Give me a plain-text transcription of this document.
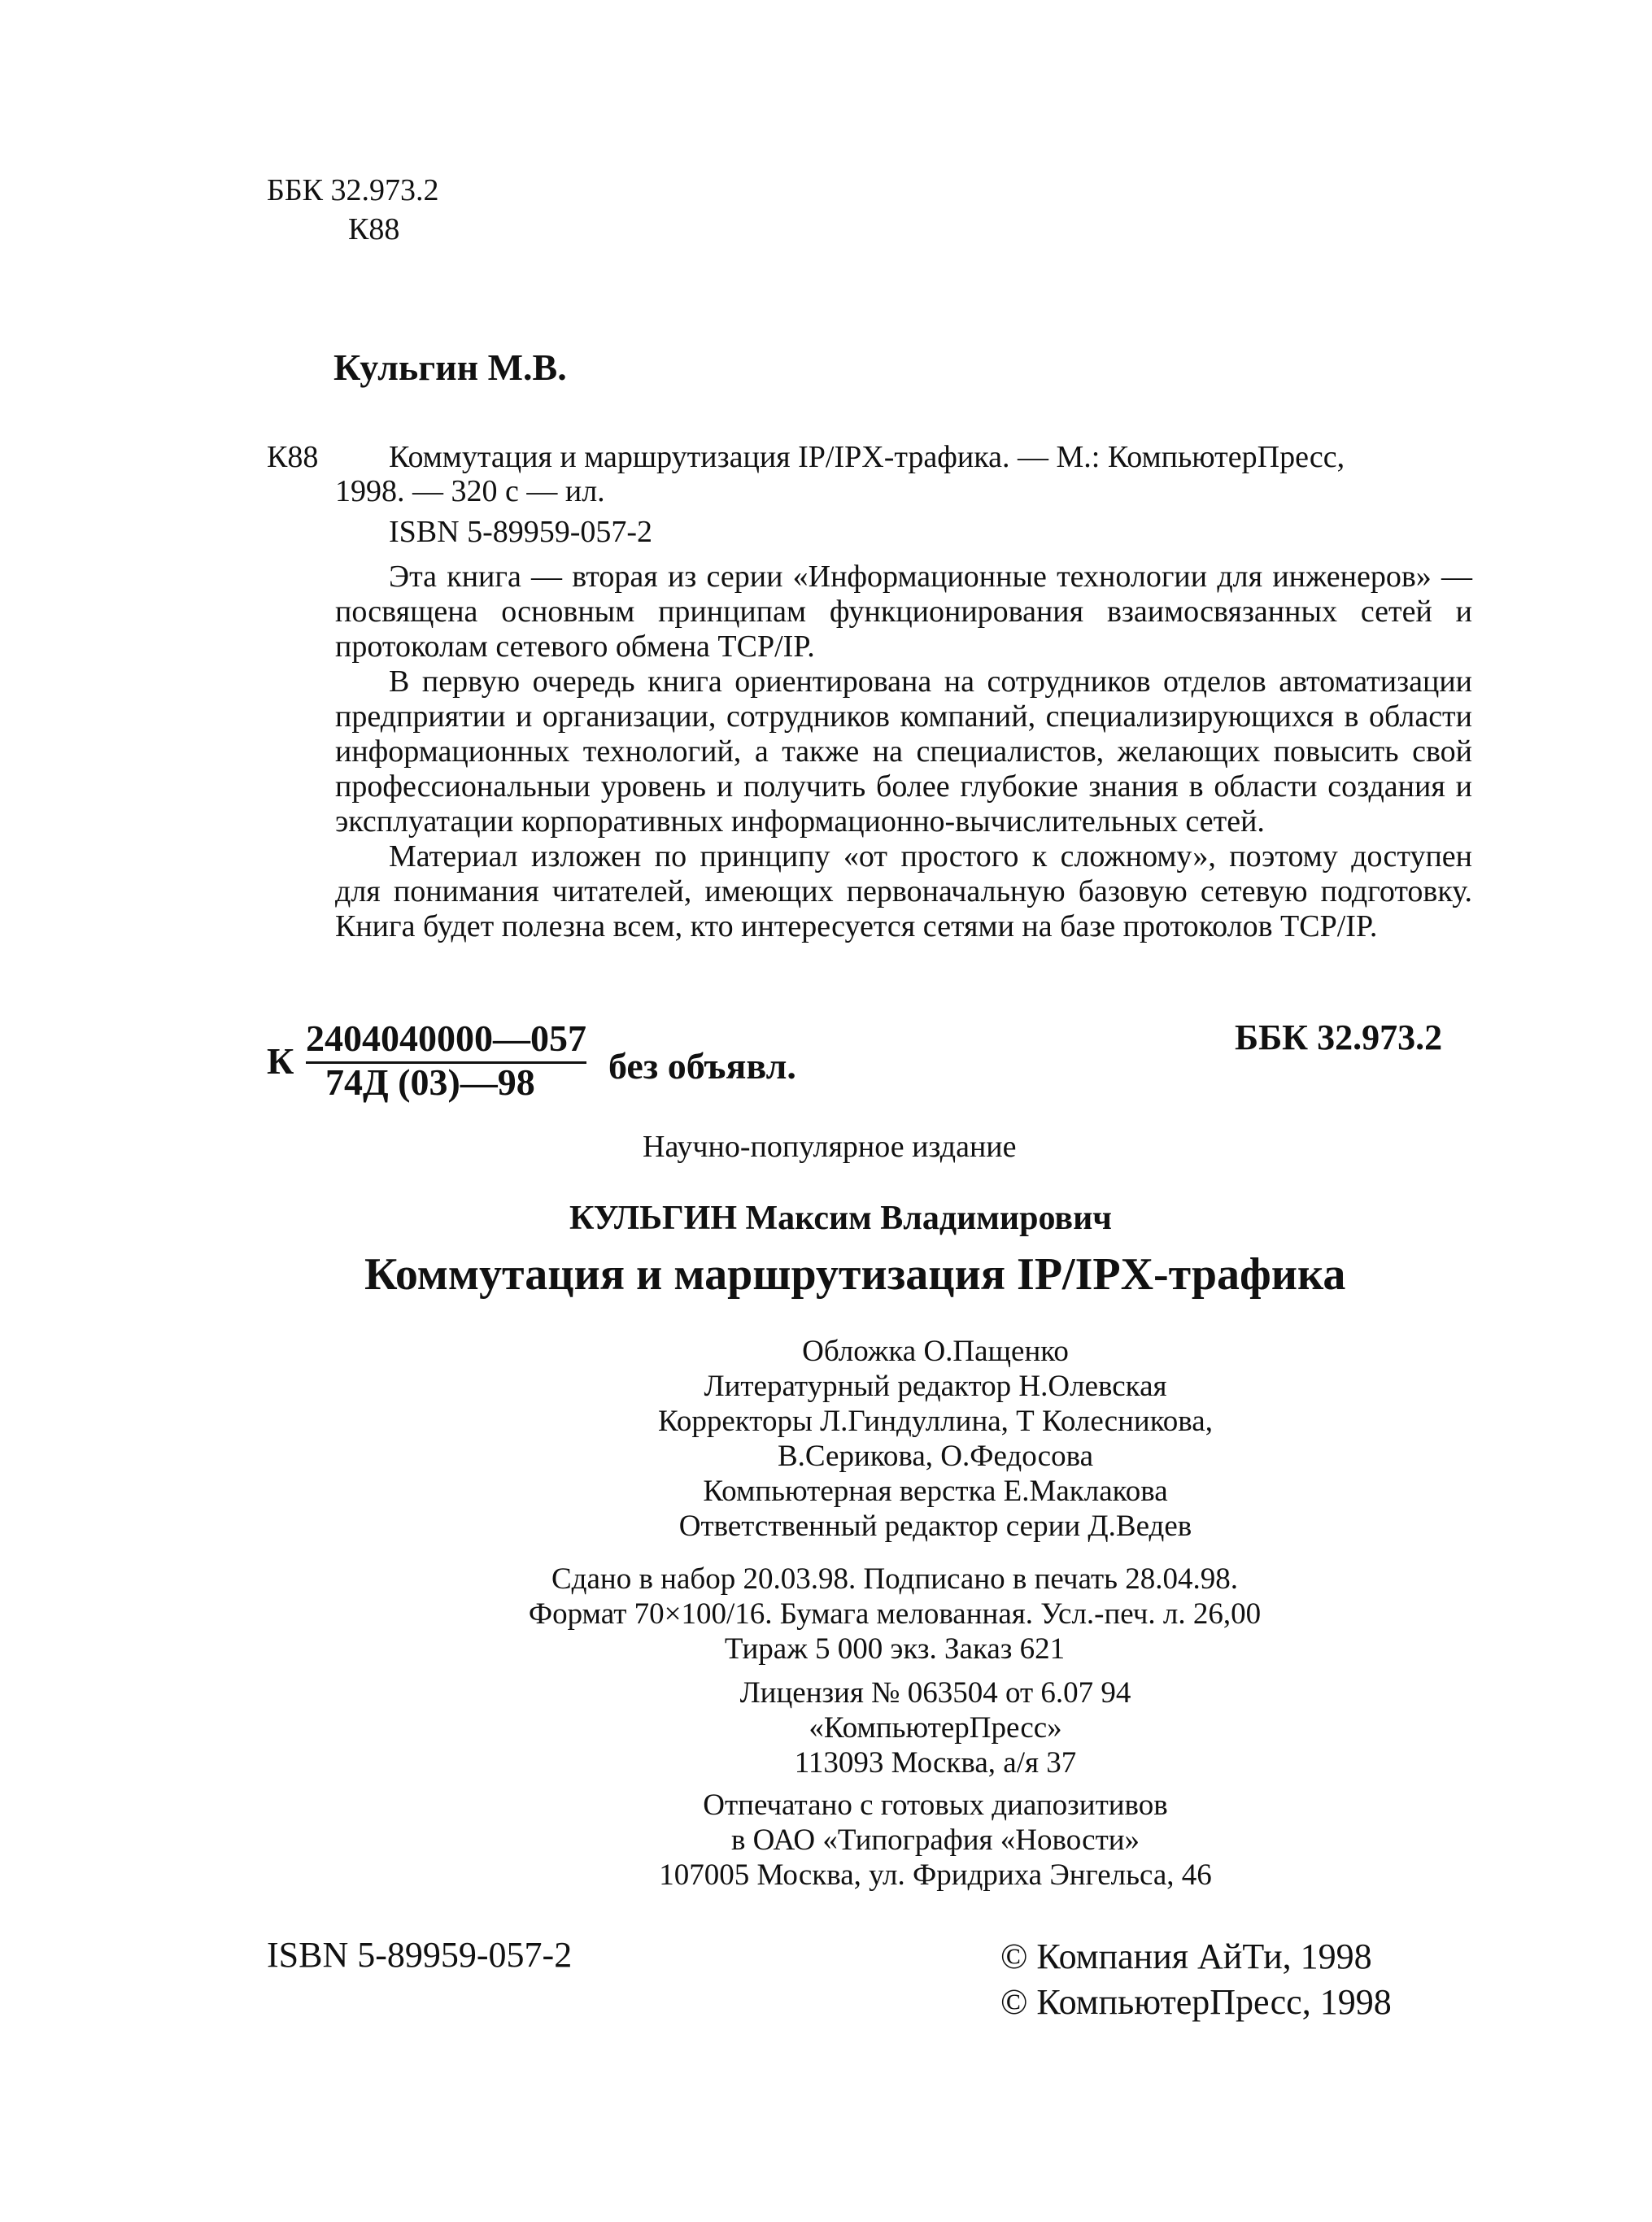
ББК 32.973.2
К88
Кульгин М.В.
К88 Коммутация и маршрутизация IP/IPX-трафика. — М.: КомпьютерПресс,
1998. — 320 с — ил.
ISBN 5-89959-057-2

Эта книга — вторая из серии «Информационные технологии для инженеров» — посвящена основным принципам функционирования взаимосвязанных сетей и протоколам сетевого обмена TCP/IP.

В первую очередь книга ориентирована на сотрудников отделов автоматизации предприятии и организации, сотрудников компаний, специализирующихся в области информационных технологий, а также на специалистов, желающих повысить свой профессиональныи уровень и получить более глубокие знания в области создания и эксплуатации корпоративных информационно-вычислительных сетей.

Материал изложен по принципу «от простого к сложному», поэтому доступен для понимания читателей, имеющих первоначальную базовую сетевую подготовку. Книга будет полезна всем, кто интересуется сетями на базе протоколов TCP/IP.

К
2404040000—057
74Д (03)—98 без объявл.
ББК 32.973.2
Научно-популярное издание
КУЛЬГИН Максим Владимирович
Коммутация и маршрутизация IP/IPX-трафика
Обложка О.Пащенко
Литературный редактор Н.Олевская
Корректоры Л.Гиндуллина, Т Колесникова,
В.Серикова, О.Федосова
Компьютерная верстка Е.Маклакова
Ответственный редактор серии Д.Ведев
Сдано в набор 20.03.98. Подписано в печать 28.04.98.
Формат 70×100/16. Бумага мелованная. Усл.-печ. л. 26,00
Тираж 5 000 экз. Заказ 621
Лицензия № 063504 от 6.07 94
«КомпьютерПресс»
113093 Москва, а/я 37
Отпечатано с готовых диапозитивов
в ОАО «Типография «Новости»
107005 Москва, ул. Фридриха Энгельса, 46
ISBN 5-89959-057-2	© Компания АйТи, 1998
© КомпьютерПресс, 1998
